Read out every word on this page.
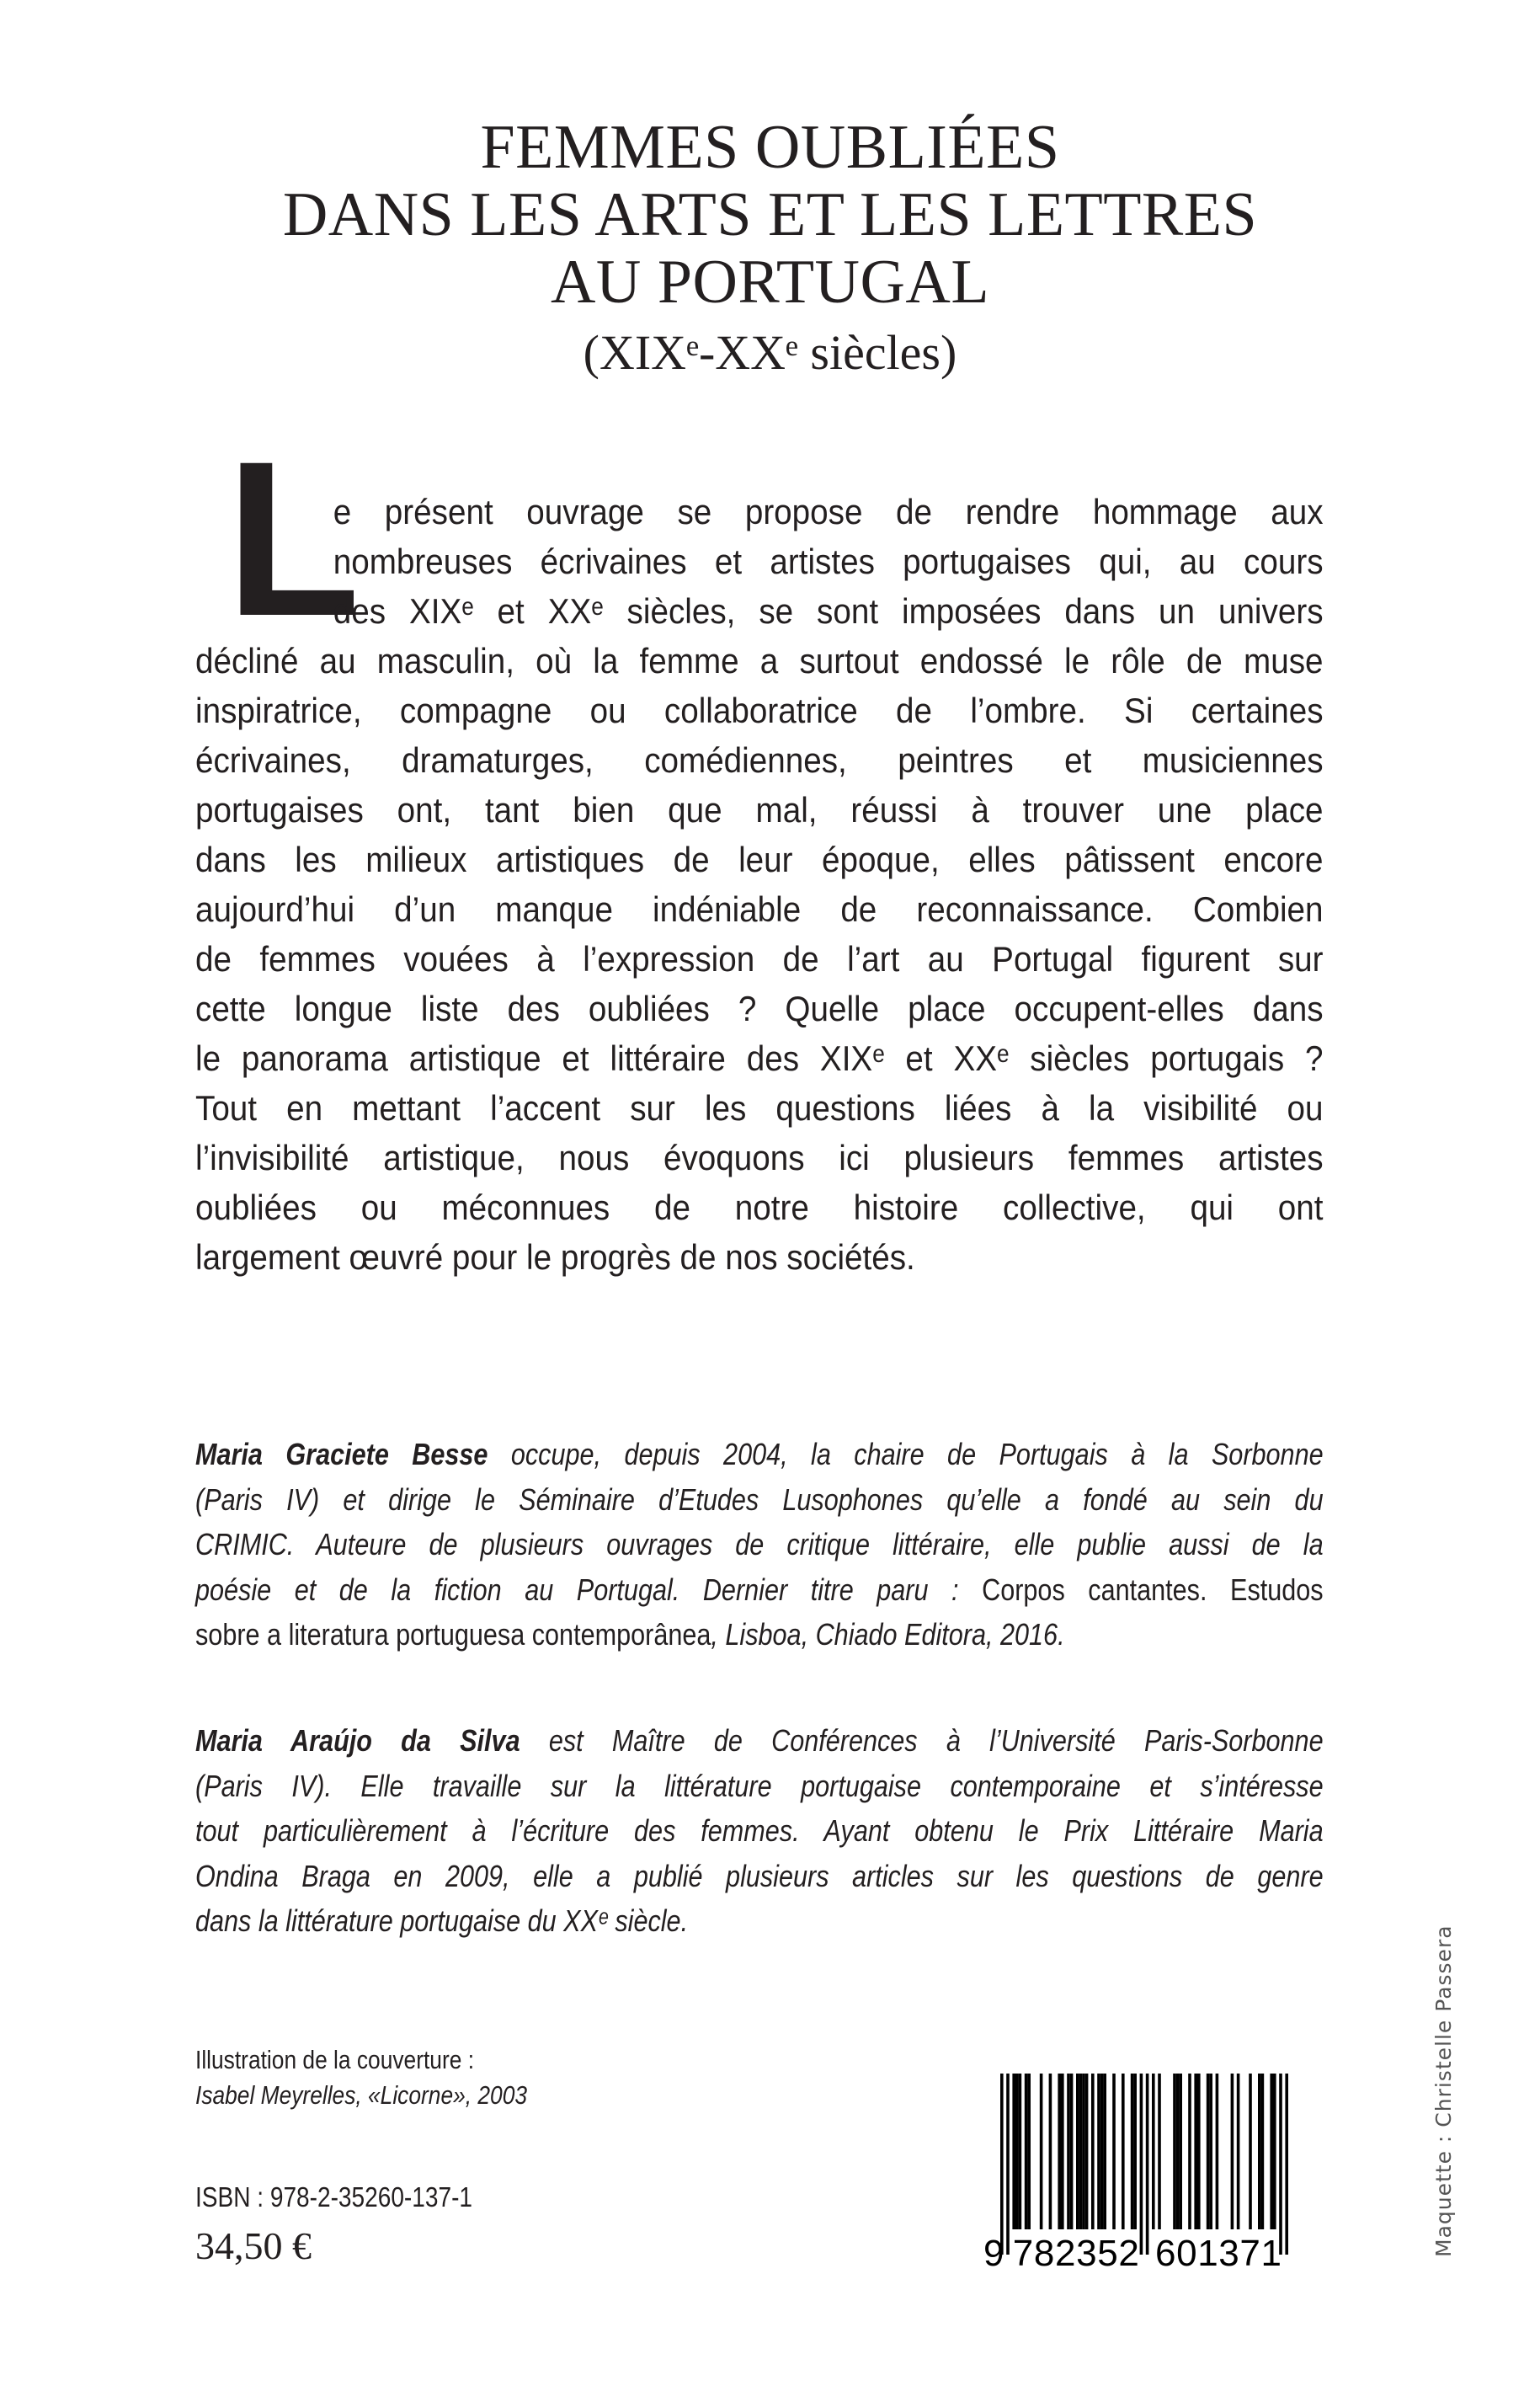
FEMMES OUBLIÉES
DANS LES ARTS ET LES LETTRES
AU PORTUGAL
(XIXᵉ-XXᵉ siècles)
L
e présent ouvrage se propose de rendre hommage aux
nombreuses écrivaines et artistes portugaises qui, au cours
des XIXᵉ et XXᵉ siècles, se sont imposées dans un univers
décliné au masculin, où la femme a surtout endossé le rôle de muse
inspiratrice, compagne ou collaboratrice de l’ombre. Si certaines
écrivaines, dramaturges, comédiennes, peintres et musiciennes
portugaises ont, tant bien que mal, réussi à trouver une place
dans les milieux artistiques de leur époque, elles pâtissent encore
aujourd’hui d’un manque indéniable de reconnaissance. Combien
de femmes vouées à l’expression de l’art au Portugal figurent sur
cette longue liste des oubliées ? Quelle place occupent-elles dans
le panorama artistique et littéraire des XIXᵉ et XXᵉ siècles portugais ?
Tout en mettant l’accent sur les questions liées à la visibilité ou
l’invisibilité artistique, nous évoquons ici plusieurs femmes artistes
oubliées ou méconnues de notre histoire collective, qui ont
largement œuvré pour le progrès de nos sociétés.
Maria Graciete Besse occupe, depuis 2004, la chaire de Portugais à la Sorbonne
(Paris IV) et dirige le Séminaire d’Etudes Lusophones qu’elle a fondé au sein du
CRIMIC. Auteure de plusieurs ouvrages de critique littéraire, elle publie aussi de la
poésie et de la fiction au Portugal. Dernier titre paru : Corpos cantantes. Estudos
sobre a literatura portuguesa contemporânea, Lisboa, Chiado Editora, 2016.
Maria Araújo da Silva est Maître de Conférences à l’Université Paris-Sorbonne
(Paris IV). Elle travaille sur la littérature portugaise contemporaine et s’intéresse
tout particulièrement à l’écriture des femmes. Ayant obtenu le Prix Littéraire Maria
Ondina Braga en 2009, elle a publié plusieurs articles sur les questions de genre
dans la littérature portugaise du XXᵉ siècle.
Illustration de la couverture :
Isabel Meyrelles, «Licorne», 2003
ISBN : 978-2-35260-137-1
34,50 €	9 782352 601371	Maquette : Christelle Passera
